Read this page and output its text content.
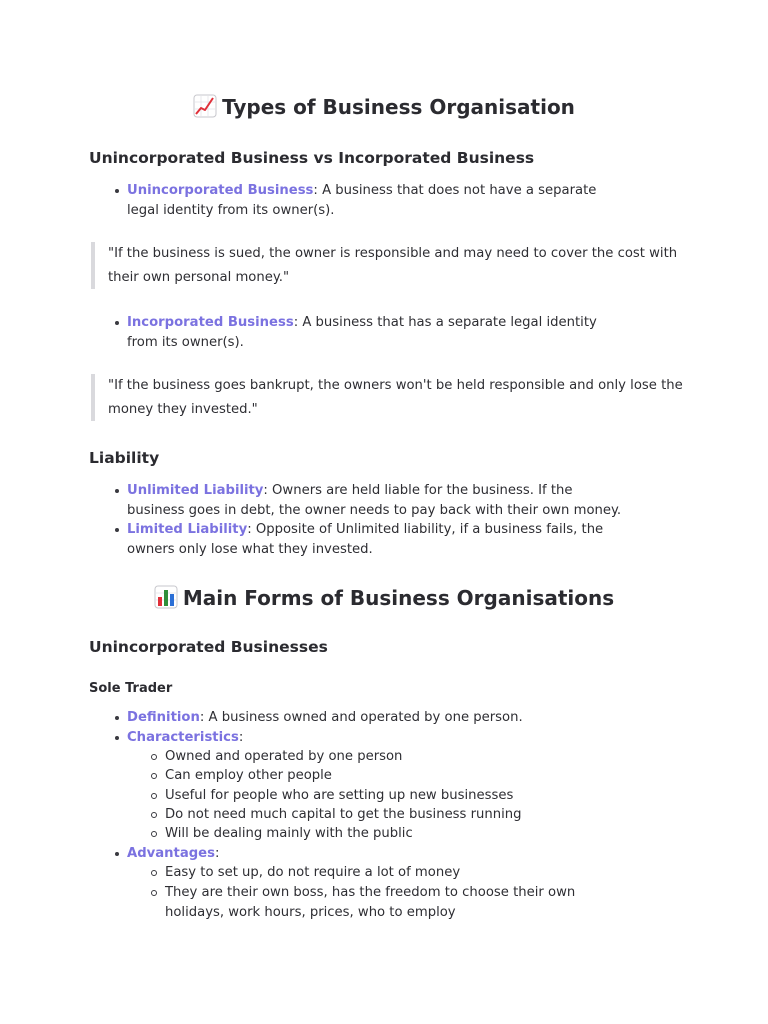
Types of Business Organisation
Unincorporated Business vs Incorporated Business
Unincorporated Business: A business that does not have a separate legal identity from its owner(s).
"If the business is sued, the owner is responsible and may need to cover the cost with their own personal money."
Incorporated Business: A business that has a separate legal identity from its owner(s).
"If the business goes bankrupt, the owners won't be held responsible and only lose the money they invested."
Liability
Unlimited Liability: Owners are held liable for the business. If the business goes in debt, the owner needs to pay back with their own money.
Limited Liability: Opposite of Unlimited liability, if a business fails, the owners only lose what they invested.
Main Forms of Business Organisations
Unincorporated Businesses
Sole Trader
Definition: A business owned and operated by one person.
Characteristics:
Owned and operated by one person
Can employ other people
Useful for people who are setting up new businesses
Do not need much capital to get the business running
Will be dealing mainly with the public
Advantages:
Easy to set up, do not require a lot of money
They are their own boss, has the freedom to choose their own holidays, work hours, prices, who to employ
